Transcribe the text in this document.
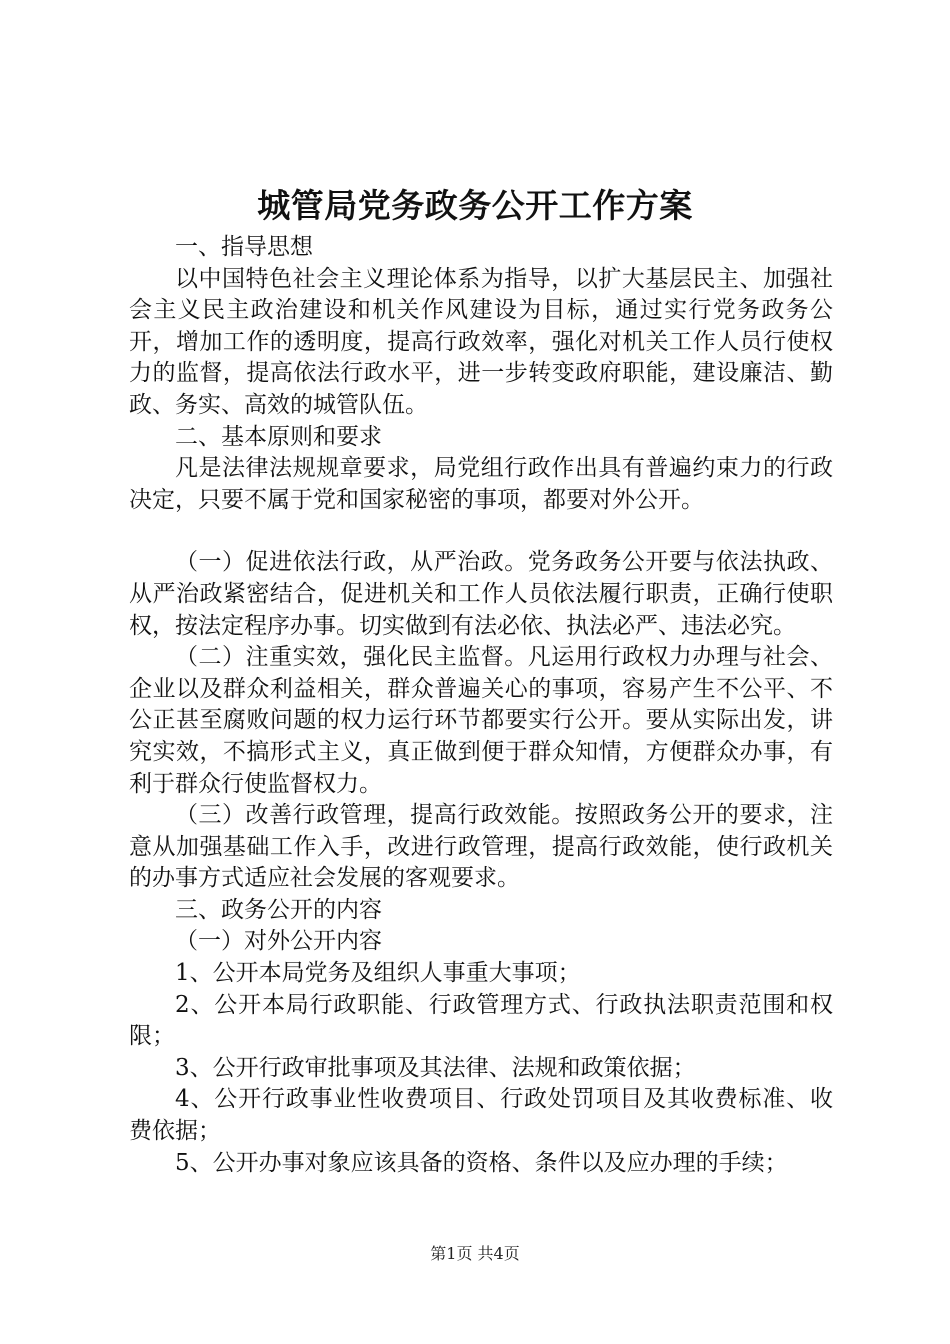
城管局党务政务公开工作方案

一、指导思想

以中国特色社会主义理论体系为指导，以扩大基层民主、加强社会主义民主政治建设和机关作风建设为目标，通过实行党务政务公开，增加工作的透明度，提高行政效率，强化对机关工作人员行使权力的监督，提高依法行政水平，进一步转变政府职能，建设廉洁、勤政、务实、高效的城管队伍。

二、基本原则和要求

凡是法律法规规章要求，局党组行政作出具有普遍约束力的行政决定，只要不属于党和国家秘密的事项，都要对外公开。

（一）促进依法行政，从严治政。党务政务公开要与依法执政、从严治政紧密结合，促进机关和工作人员依法履行职责，正确行使职权，按法定程序办事。切实做到有法必依、执法必严、违法必究。

（二）注重实效，强化民主监督。凡运用行政权力办理与社会、企业以及群众利益相关，群众普遍关心的事项，容易产生不公平、不公正甚至腐败问题的权力运行环节都要实行公开。要从实际出发，讲究实效，不搞形式主义，真正做到便于群众知情，方便群众办事，有利于群众行使监督权力。

（三）改善行政管理，提高行政效能。按照政务公开的要求，注意从加强基础工作入手，改进行政管理，提高行政效能，使行政机关的办事方式适应社会发展的客观要求。

三、政务公开的内容

（一）对外公开内容

1、公开本局党务及组织人事重大事项；

2、公开本局行政职能、行政管理方式、行政执法职责范围和权限；

3、公开行政审批事项及其法律、法规和政策依据；

4、公开行政事业性收费项目、行政处罚项目及其收费标准、收费依据；

5、公开办事对象应该具备的资格、条件以及应办理的手续；

第1页 共4页
